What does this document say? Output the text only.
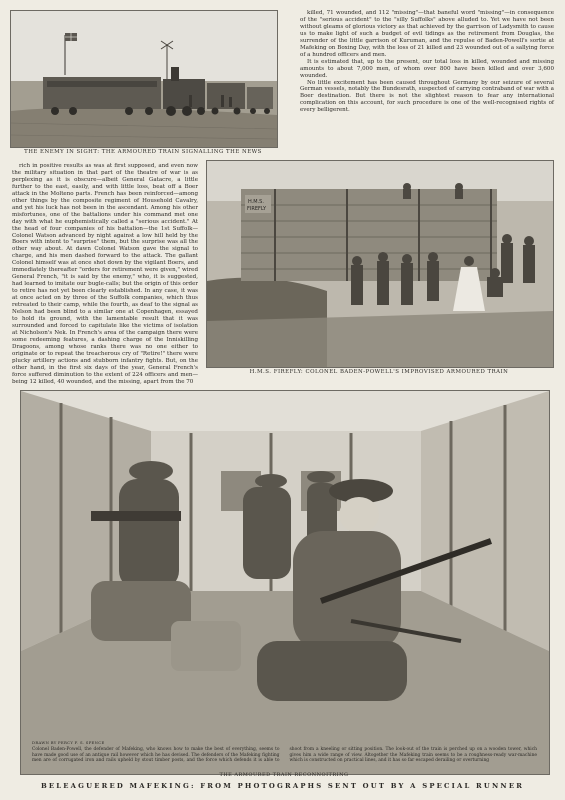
THE ENEMY IN SIGHT: THE ARMOURED TRAIN SIGNALLING THE NEWS

killed, 71 wounded, and 112 "missing"—that baneful word "missing"—in consequence of the "serious accident" to the "silly Suffolks" above alluded to. Yet we have not been without gleams of glorious victory as that achieved by the garrison of Ladysmith to cause us to make light of such a budget of evil tidings as the retirement from Douglas, the surrender of the little garrison of Kuruman, and the repulse of Baden-Powell's sortie at Mafeking on Boxing Day, with the loss of 21 killed and 23 wounded out of a sallying force of a hundred officers and men.

It is estimated that, up to the present, our total loss in killed, wounded and missing amounts to about 7,000 men, of whom over 800 have been killed and over 3,600 wounded.

No little excitement has been caused throughout Germany by our seizure of several German vessels, notably the Bundesrath, suspected of carrying contraband of war with a Boer destination. But there is not the slightest reason to fear any international complication on this account, for such procedure is one of the well-recognised rights of every belligerent.

rich in positive results as was at first supposed, and even now the military situation in that part of the theatre of war is as perplexing as it is obscure—albeit General Gatacre, a little further to the east, easily, and with little loss, beat off a Boer attack in the Molteno parts. French has been reinforced—among other things by the composite regiment of Household Cavalry, and yet his luck has not been in the ascendant. Among his other misfortunes, one of the battalions under his command met one day with what he euphemistically called a "serious accident." At the head of four companies of his battalion—the 1st Suffolk—Colonel Watson advanced by night against a low hill held by the Boers with intent to "surprise" them, but the surprise was all the other way about. At dawn Colonel Watson gave the signal to charge, and his men dashed forward to the attack. The gallant Colonel himself was at once shot down by the vigilant Boers, and immediately thereafter "orders for retirement were given," wired General French, "it is said by the enemy," who, it is suggested, had learned to imitate our bugle-calls; but the origin of this order to retire has not yet been clearly established. In any case, it was at once acted on by three of the Suffolk companies, which thus retreated to their camp, while the fourth, as deaf to the signal as Nelson had been blind to a similar one at Copenhagen, essayed to hold its ground, with the lamentable result that it was surrounded and forced to capitulate like the victims of isolation at Nicholson's Nek. In French's area of the campaign there were some redeeming features, a dashing charge of the Inniskilling Dragoons, among whose ranks there was no one either to originate or to repeat the treacherous cry of "Retire!" there were plucky artillery actions and stubborn infantry fights. But, on the other hand, in the first six days of the year, General French's force suffered diminution to the extent of 224 officers and men—being 12 killed, 40 wounded, and the missing, apart from the 70

H.M.S.
FIREFLY
H.M.S. FIREFLY: COLONEL BADEN-POWELL'S IMPROVISED ARMOURED TRAIN
DRAWN BY PERCY F. S. SPENCE

Colonel Baden-Powell, the defender of Mafeking, who knows how to make the best of everything, seems to have made good use of an antique rail however which he has devised. The defenders of the Mafeking fighting men are of corrugated iron and rails upheld by stout timber posts, and the force which defends it is able to shoot from a kneeling or sitting position. The look-out of the train is perched up on a wooden tower, which gives him a wide range of view. Altogether the Mafeking train seems to be a roughness-ready war-machine which is constructed on practical lines, and it has so far escaped derailing or overturning

THE ARMOURED TRAIN RECONNOITRING
BELEAGUERED MAFEKING: FROM PHOTOGRAPHS SENT OUT BY A SPECIAL RUNNER
